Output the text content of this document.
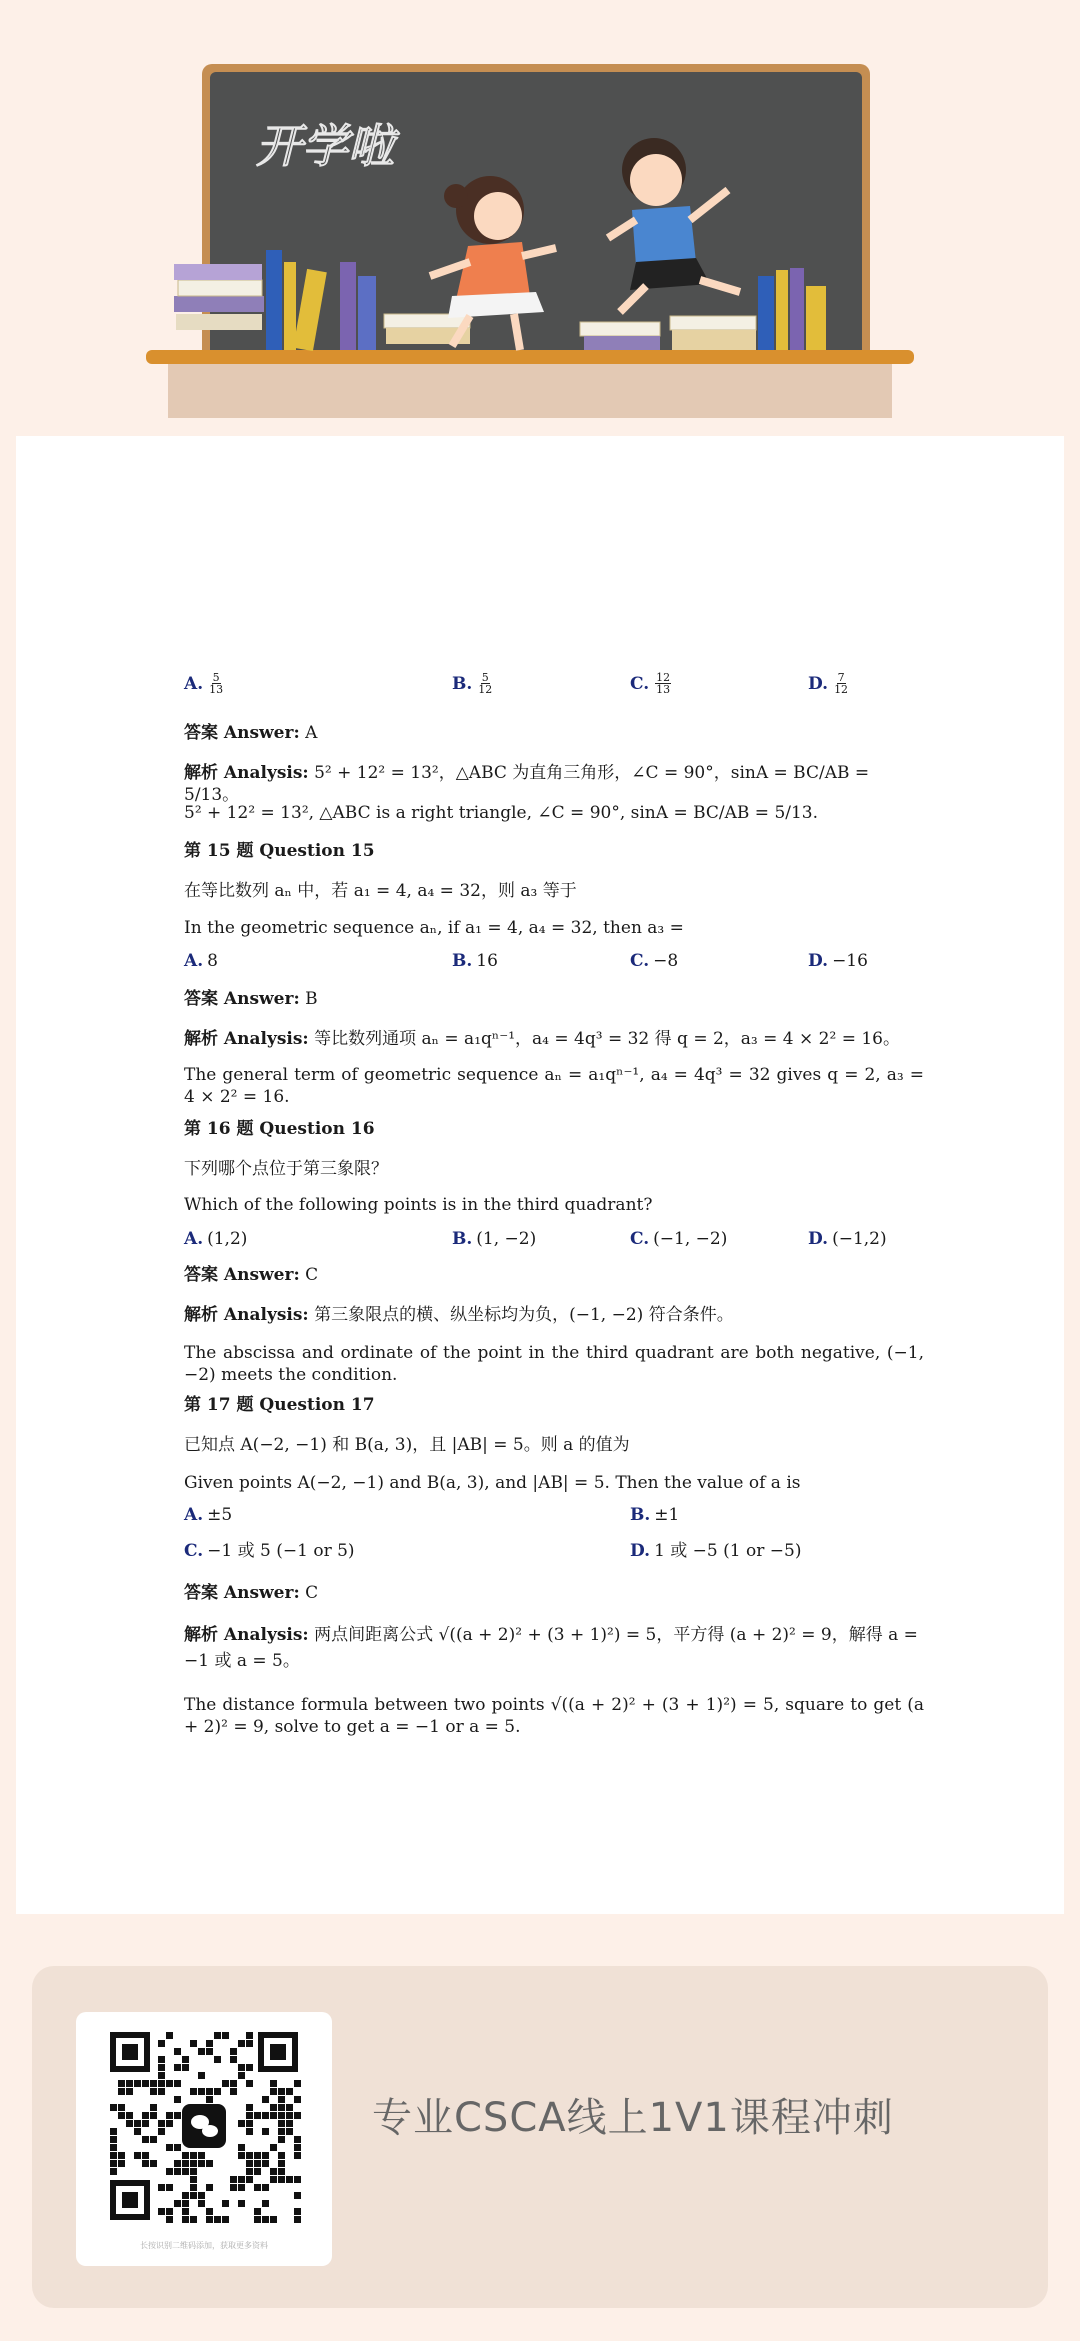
开学啦
A. $\frac{5}{13}$	B. $\frac{5}{12}$	C. $\frac{12}{13}$	D. $\frac{7}{12}$
答案 Answer: A
解析 Analysis: 5² + 12² = 13²，△ABC 为直角三角形，∠C = 90°，sinA = BC/AB = 5/13。
5² + 12² = 13², △ABC is a right triangle, ∠C = 90°, sinA = BC/AB = 5/13.
第 15 题 Question 15
在等比数列 aₙ 中，若 a₁ = 4, a₄ = 32，则 a₃ 等于
In the geometric sequence aₙ, if a₁ = 4, a₄ = 32, then a₃ =
A. 8	B. 16	C. −8	D. −16
答案 Answer: B
解析 Analysis: 等比数列通项 aₙ = a₁qⁿ⁻¹，a₄ = 4q³ = 32 得 q = 2，a₃ = 4 × 2² = 16。
The general term of geometric sequence aₙ = a₁qⁿ⁻¹, a₄ = 4q³ = 32 gives q = 2, a₃ = 4 × 2² = 16.
第 16 题 Question 16
下列哪个点位于第三象限？
Which of the following points is in the third quadrant?
A. (1,2)	B. (1, −2)	C. (−1, −2)	D. (−1,2)
答案 Answer: C
解析 Analysis: 第三象限点的横、纵坐标均为负，(−1, −2) 符合条件。
The abscissa and ordinate of the point in the third quadrant are both negative, (−1, −2) meets the condition.
第 17 题 Question 17
已知点 A(−2, −1) 和 B(a, 3)，且 |AB| = 5。则 a 的值为
Given points A(−2, −1) and B(a, 3), and |AB| = 5. Then the value of a is
A. ±5	B. ±1
C. −1 或 5 (−1 or 5)	D. 1 或 −5 (1 or −5)
答案 Answer: C
解析 Analysis: 两点间距离公式 √((a + 2)² + (3 + 1)²) = 5，平方得 (a + 2)² = 9，解得 a = −1 或 a = 5。
The distance formula between two points √((a + 2)² + (3 + 1)²) = 5, square to get (a + 2)² = 9, solve to get a = −1 or a = 5.
长按识别二维码添加，获取更多资料
专业CSCA线上1V1课程冲刺
